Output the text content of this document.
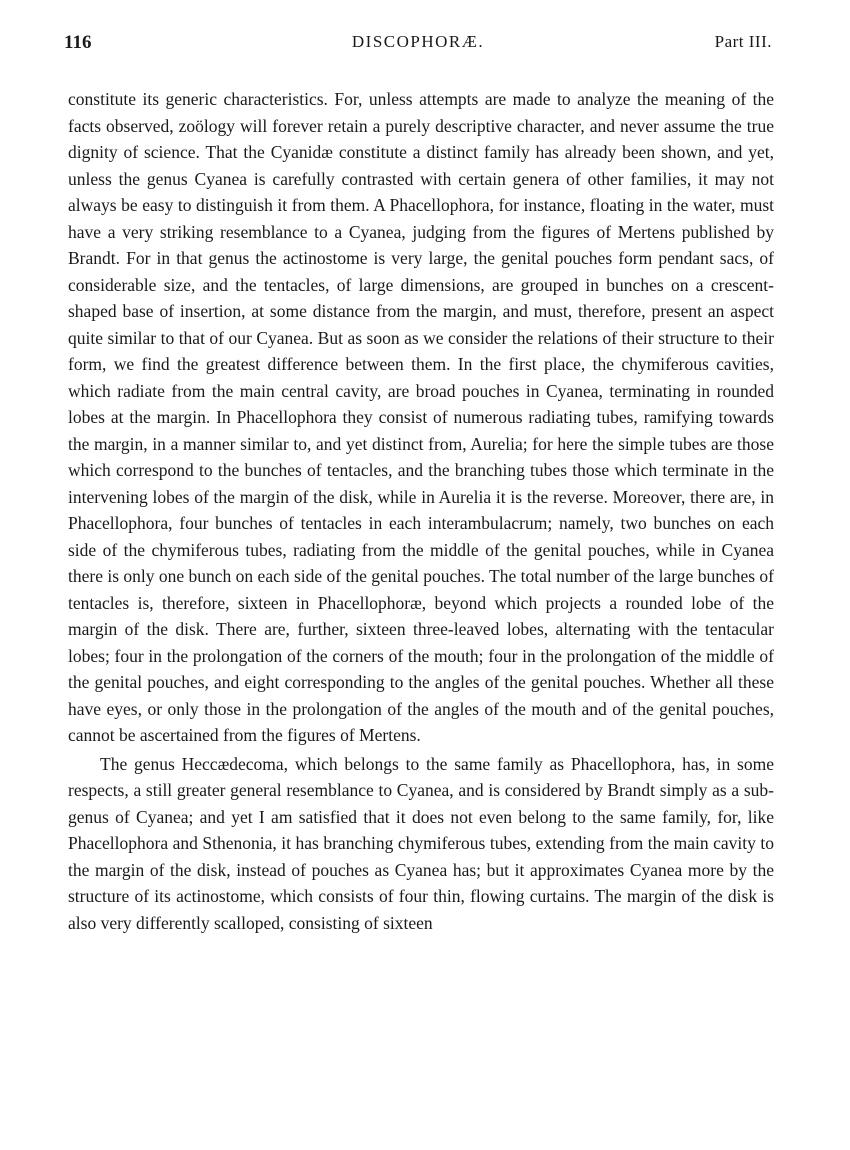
116	DISCOPHORÆ.	Part III.

constitute its generic characteristics. For, unless attempts are made to analyze the meaning of the facts observed, zoölogy will forever retain a purely descriptive character, and never assume the true dignity of science. That the Cyanidæ constitute a distinct family has already been shown, and yet, unless the genus Cyanea is carefully contrasted with certain genera of other families, it may not always be easy to distinguish it from them. A Phacellophora, for instance, floating in the water, must have a very striking resemblance to a Cyanea, judging from the figures of Mertens published by Brandt. For in that genus the actinostome is very large, the genital pouches form pendant sacs, of considerable size, and the tentacles, of large dimensions, are grouped in bunches on a crescent-shaped base of insertion, at some distance from the margin, and must, therefore, present an aspect quite similar to that of our Cyanea. But as soon as we consider the relations of their structure to their form, we find the greatest difference between them. In the first place, the chymiferous cavities, which radiate from the main central cavity, are broad pouches in Cyanea, terminating in rounded lobes at the margin. In Phacellophora they consist of numerous radiating tubes, ramifying towards the margin, in a manner similar to, and yet distinct from, Aurelia; for here the simple tubes are those which correspond to the bunches of tentacles, and the branching tubes those which terminate in the intervening lobes of the margin of the disk, while in Aurelia it is the reverse. Moreover, there are, in Phacellophora, four bunches of tentacles in each interambulacrum; namely, two bunches on each side of the chymiferous tubes, radiating from the middle of the genital pouches, while in Cyanea there is only one bunch on each side of the genital pouches. The total number of the large bunches of tentacles is, therefore, sixteen in Phacellophoræ, beyond which projects a rounded lobe of the margin of the disk. There are, further, sixteen three-leaved lobes, alternating with the tentacular lobes; four in the prolongation of the corners of the mouth; four in the prolongation of the middle of the genital pouches, and eight corresponding to the angles of the genital pouches. Whether all these have eyes, or only those in the prolongation of the angles of the mouth and of the genital pouches, cannot be ascertained from the figures of Mertens.

The genus Heccædecoma, which belongs to the same family as Phacellophora, has, in some respects, a still greater general resemblance to Cyanea, and is considered by Brandt simply as a sub-genus of Cyanea; and yet I am satisfied that it does not even belong to the same family, for, like Phacellophora and Sthenonia, it has branching chymiferous tubes, extending from the main cavity to the margin of the disk, instead of pouches as Cyanea has; but it approximates Cyanea more by the structure of its actinostome, which consists of four thin, flowing curtains. The margin of the disk is also very differently scalloped, consisting of sixteen
